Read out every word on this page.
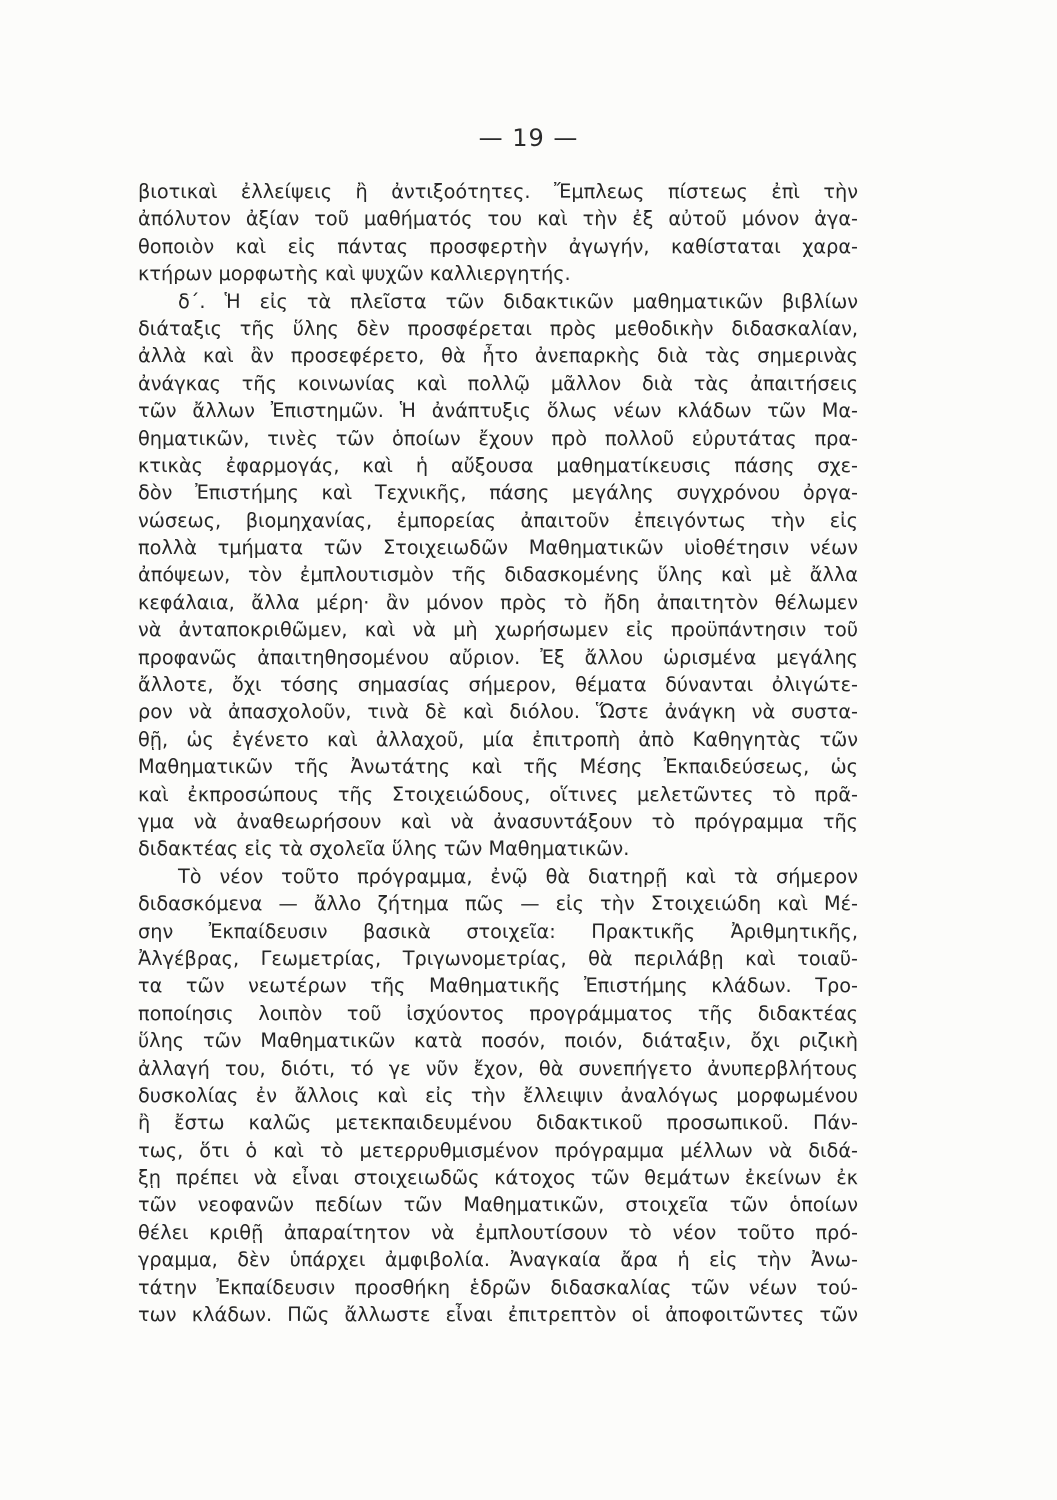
— 19 —
βιοτικαὶ ἐλλείψεις ἢ ἀντιξοότητες. Ἔμπλεως πίστεως ἐπὶ τὴν
ἀπόλυτον ἀξίαν τοῦ μαθήματός του καὶ τὴν ἐξ αὐτοῦ μόνον ἀγα-
θοποιὸν καὶ εἰς πάντας προσφερτὴν ἀγωγήν, καθίσταται χαρα-
κτήρων μορφωτὴς καὶ ψυχῶν καλλιεργητής.
δ΄. Ἡ εἰς τὰ πλεῖστα τῶν διδακτικῶν μαθηματικῶν βιβλίων
διάταξις τῆς ὕλης δὲν προσφέρεται πρὸς μεθοδικὴν διδασκαλίαν,
ἀλλὰ καὶ ἂν προσεφέρετο, θὰ ἦτο ἀνεπαρκὴς διὰ τὰς σημερινὰς
ἀνάγκας τῆς κοινωνίας καὶ πολλῷ μᾶλλον διὰ τὰς ἀπαιτήσεις
τῶν ἄλλων Ἐπιστημῶν. Ἡ ἀνάπτυξις ὅλως νέων κλάδων τῶν Μα-
θηματικῶν, τινὲς τῶν ὁποίων ἔχουν πρὸ πολλοῦ εὐρυτάτας πρα-
κτικὰς ἐφαρμογάς, καὶ ἡ αὔξουσα μαθηματίκευσις πάσης σχε-
δὸν Ἐπιστήμης καὶ Τεχνικῆς, πάσης μεγάλης συγχρόνου ὀργα-
νώσεως, βιομηχανίας, ἐμπορείας ἀπαιτοῦν ἐπειγόντως τὴν εἰς
πολλὰ τμήματα τῶν Στοιχειωδῶν Μαθηματικῶν υἱοθέτησιν νέων
ἀπόψεων, τὸν ἐμπλουτισμὸν τῆς διδασκομένης ὕλης καὶ μὲ ἄλλα
κεφάλαια, ἄλλα μέρη· ἂν μόνον πρὸς τὸ ἤδη ἀπαιτητὸν θέλωμεν
νὰ ἀνταποκριθῶμεν, καὶ νὰ μὴ χωρήσωμεν εἰς προϋπάντησιν τοῦ
προφανῶς ἀπαιτηθησομένου αὔριον. Ἐξ ἄλλου ὡρισμένα μεγάλης
ἄλλοτε, ὄχι τόσης σημασίας σήμερον, θέματα δύνανται ὀλιγώτε-
ρον νὰ ἀπασχολοῦν, τινὰ δὲ καὶ διόλου. Ὥστε ἀνάγκη νὰ συστα-
θῇ, ὡς ἐγένετο καὶ ἀλλαχοῦ, μία ἐπιτροπὴ ἀπὸ Καθηγητὰς τῶν
Μαθηματικῶν τῆς Ἀνωτάτης καὶ τῆς Μέσης Ἐκπαιδεύσεως, ὡς
καὶ ἐκπροσώπους τῆς Στοιχειώδους, οἵτινες μελετῶντες τὸ πρᾶ-
γμα νὰ ἀναθεωρήσουν καὶ νὰ ἀνασυντάξουν τὸ πρόγραμμα τῆς
διδακτέας εἰς τὰ σχολεῖα ὕλης τῶν Μαθηματικῶν.
Τὸ νέον τοῦτο πρόγραμμα, ἐνῷ θὰ διατηρῇ καὶ τὰ σήμερον
διδασκόμενα — ἄλλο ζήτημα πῶς — εἰς τὴν Στοιχειώδη καὶ Μέ-
σην Ἐκπαίδευσιν βασικὰ στοιχεῖα: Πρακτικῆς Ἀριθμητικῆς,
Ἀλγέβρας, Γεωμετρίας, Τριγωνομετρίας, θὰ περιλάβῃ καὶ τοιαῦ-
τα τῶν νεωτέρων τῆς Μαθηματικῆς Ἐπιστήμης κλάδων. Τρο-
ποποίησις λοιπὸν τοῦ ἰσχύοντος προγράμματος τῆς διδακτέας
ὕλης τῶν Μαθηματικῶν κατὰ ποσόν, ποιόν, διάταξιν, ὄχι ριζικὴ
ἀλλαγή του, διότι, τό γε νῦν ἔχον, θὰ συνεπήγετο ἀνυπερβλήτους
δυσκολίας ἐν ἄλλοις καὶ εἰς τὴν ἔλλειψιν ἀναλόγως μορφωμένου
ἢ ἔστω καλῶς μετεκπαιδευμένου διδακτικοῦ προσωπικοῦ. Πάν-
τως, ὅτι ὁ καὶ τὸ μετερρυθμισμένον πρόγραμμα μέλλων νὰ διδά-
ξῃ πρέπει νὰ εἶναι στοιχειωδῶς κάτοχος τῶν θεμάτων ἐκείνων ἐκ
τῶν νεοφανῶν πεδίων τῶν Μαθηματικῶν, στοιχεῖα τῶν ὁποίων
θέλει κριθῇ ἀπαραίτητον νὰ ἐμπλουτίσουν τὸ νέον τοῦτο πρό-
γραμμα, δὲν ὑπάρχει ἀμφιβολία. Ἀναγκαία ἄρα ἡ εἰς τὴν Ἀνω-
τάτην Ἐκπαίδευσιν προσθήκη ἑδρῶν διδασκαλίας τῶν νέων τού-
των κλάδων. Πῶς ἄλλωστε εἶναι ἐπιτρεπτὸν οἱ ἀποφοιτῶντες τῶν
